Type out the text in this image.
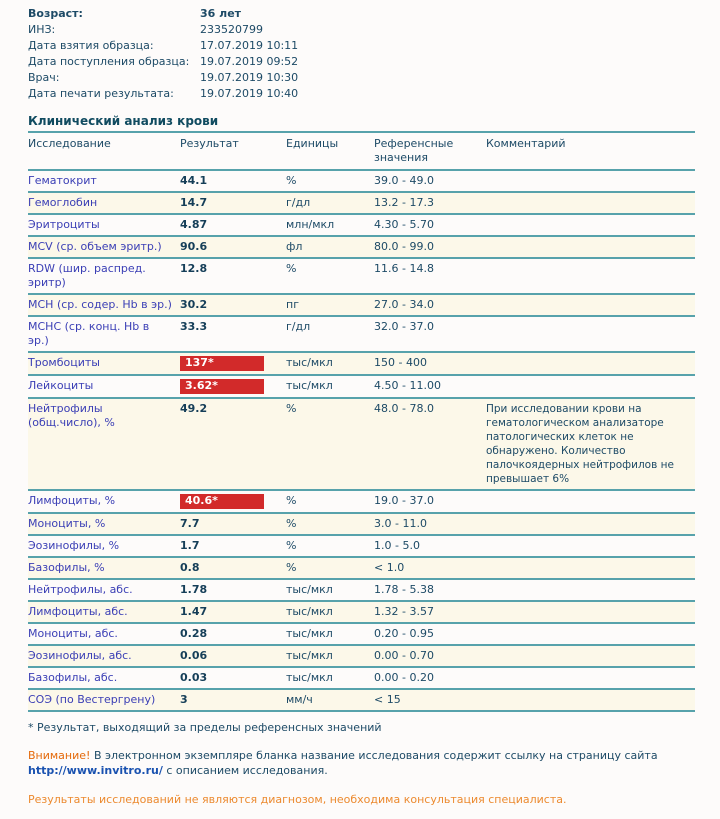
Возраст:	36 лет
ИНЗ:	233520799
Дата взятия образца:	17.07.2019 10:11
Дата поступления образца: 19.07.2019 09:52
Врач:	19.07.2019 10:30
Дата печати результата:	19.07.2019 10:40
Клинический анализ крови
Исследование	Результат	Единицы	Референсные значения	Комментарий
Гематокрит	44.1	%	39.0 - 49.0	
Гемоглобин	14.7	г/дл	13.2 - 17.3	
Эритроциты	4.87	млн/мкл	4.30 - 5.70	
MCV (ср. объем эритр.)	90.6	фл	80.0 - 99.0	
RDW (шир. распред. эритр)	12.8	%	11.6 - 14.8	
MCH (ср. содер. Hb в эр.)	30.2	пг	27.0 - 34.0	
MCHC (ср. конц. Hb в эр.)	33.3	г/дл	32.0 - 37.0	
Тромбоциты	137*	тыс/мкл	150 - 400	
Лейкоциты	3.62*	тыс/мкл	4.50 - 11.00	
Нейтрофилы (общ.число), %	49.2	%	48.0 - 78.0	При исследовании крови на гематологическом анализаторе патологических клеток не обнаружено. Количество палочкоядерных нейтрофилов не превышает 6%
Лимфоциты, %	40.6*	%	19.0 - 37.0	
Моноциты, %	7.7	%	3.0 - 11.0	
Эозинофилы, %	1.7	%	1.0 - 5.0	
Базофилы, %	0.8	%	< 1.0	
Нейтрофилы, абс.	1.78	тыс/мкл	1.78 - 5.38	
Лимфоциты, абс.	1.47	тыс/мкл	1.32 - 3.57	
Моноциты, абс.	0.28	тыс/мкл	0.20 - 0.95	
Эозинофилы, абс.	0.06	тыс/мкл	0.00 - 0.70	
Базофилы, абс.	0.03	тыс/мкл	0.00 - 0.20	
СОЭ (по Вестергрену)	3	мм/ч	< 15	
* Результат, выходящий за пределы референсных значений
Внимание! В электронном экземпляре бланка название исследования содержит ссылку на страницу сайта http://www.invitro.ru/ с описанием исследования.
Результаты исследований не являются диагнозом, необходима консультация специалиста.
